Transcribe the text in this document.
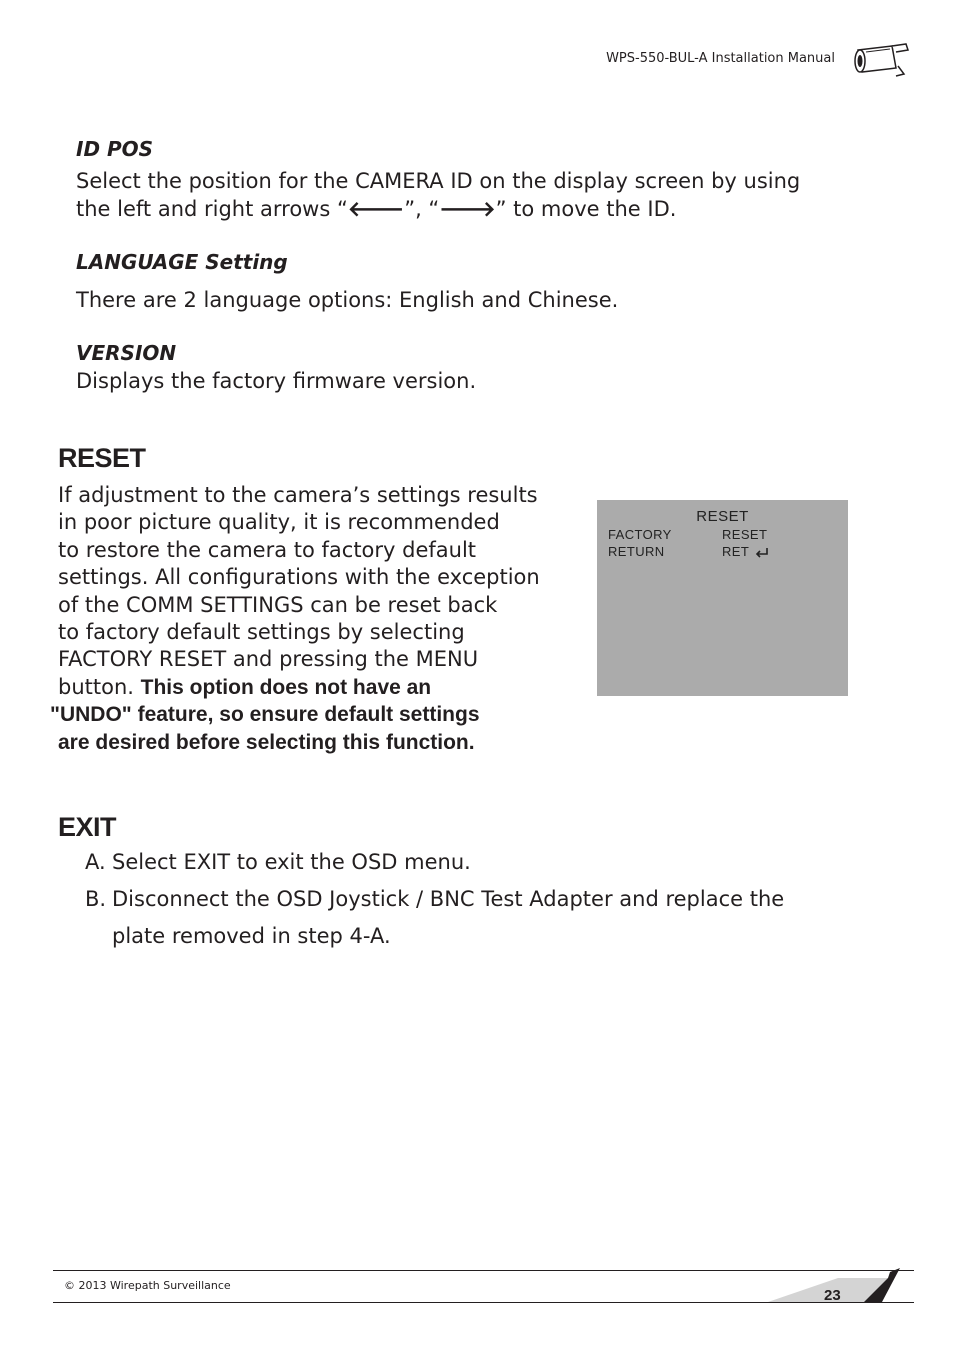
WPS-550-BUL-A Installation Manual
ID POS
Select the position for the CAMERA ID on the display screen by using
the left and right arrows “🡐”, “🡒” to move the ID.
LANGUAGE Setting
There are 2 language options: English and Chinese.
VERSION
Displays the factory firmware version.
RESET
If adjustment to the camera’s settings results
in poor picture quality, it is recommended
to restore the camera to factory default
settings. All configurations with the exception
of the COMM SETTINGS can be reset back
to factory default settings by selecting
FACTORY RESET and pressing the MENU
button. This option does not have an
"UNDO" feature, so ensure default settings
are desired before selecting this function.
RESET
FACTORY	RESET
RETURN	RET
EXIT
A. Select EXIT to exit the OSD menu.
B. Disconnect the OSD Joystick / BNC Test Adapter and replace the
plate removed in step 4-A.
© 2013 Wirepath Surveillance
23
